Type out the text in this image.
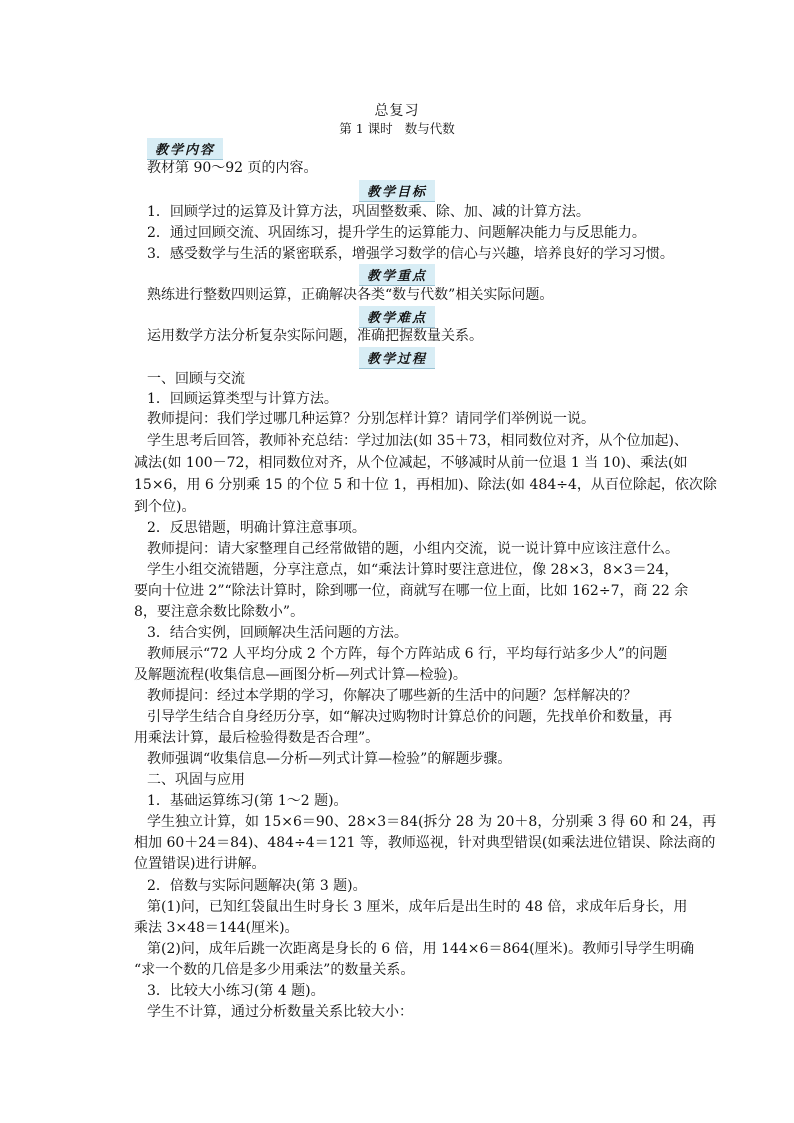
总复习
第 1 课时 数与代数
教学内容
教材第 90～92 页的内容。
教学目标
1．回顾学过的运算及计算方法，巩固整数乘、除、加、减的计算方法。
2．通过回顾交流、巩固练习，提升学生的运算能力、问题解决能力与反思能力。
3．感受数学与生活的紧密联系，增强学习数学的信心与兴趣，培养良好的学习习惯。
教学重点
熟练进行整数四则运算，正确解决各类“数与代数”相关实际问题。
教学难点
运用数学方法分析复杂实际问题，准确把握数量关系。
教学过程
一、回顾与交流
1．回顾运算类型与计算方法。
教师提问：我们学过哪几种运算？分别怎样计算？请同学们举例说一说。
学生思考后回答，教师补充总结：学过加法(如 35＋73，相同数位对齐，从个位加起)、
减法(如 100－72，相同数位对齐，从个位减起，不够减时从前一位退 1 当 10)、乘法(如
15×6，用 6 分别乘 15 的个位 5 和十位 1，再相加)、除法(如 484÷4，从百位除起，依次除
到个位)。
2．反思错题，明确计算注意事项。
教师提问：请大家整理自己经常做错的题，小组内交流，说一说计算中应该注意什么。
学生小组交流错题，分享注意点，如“乘法计算时要注意进位，像 28×3，8×3＝24，
要向十位进 2”“除法计算时，除到哪一位，商就写在哪一位上面，比如 162÷7，商 22 余
8，要注意余数比除数小”。
3．结合实例，回顾解决生活问题的方法。
教师展示“72 人平均分成 2 个方阵，每个方阵站成 6 行，平均每行站多少人”的问题
及解题流程(收集信息—画图分析—列式计算—检验)。
教师提问：经过本学期的学习，你解决了哪些新的生活中的问题？怎样解决的？
引导学生结合自身经历分享，如“解决过购物时计算总价的问题，先找单价和数量，再
用乘法计算，最后检验得数是否合理”。
教师强调“收集信息—分析—列式计算—检验”的解题步骤。
二、巩固与应用
1．基础运算练习(第 1～2 题)。
学生独立计算，如 15×6＝90、28×3＝84(拆分 28 为 20＋8，分别乘 3 得 60 和 24，再
相加 60＋24＝84)、484÷4＝121 等，教师巡视，针对典型错误(如乘法进位错误、除法商的
位置错误)进行讲解。
2．倍数与实际问题解决(第 3 题)。
第(1)问，已知红袋鼠出生时身长 3 厘米，成年后是出生时的 48 倍，求成年后身长，用
乘法 3×48＝144(厘米)。
第(2)问，成年后跳一次距离是身长的 6 倍，用 144×6＝864(厘米)。教师引导学生明确
“求一个数的几倍是多少用乘法”的数量关系。
3．比较大小练习(第 4 题)。
学生不计算，通过分析数量关系比较大小：
